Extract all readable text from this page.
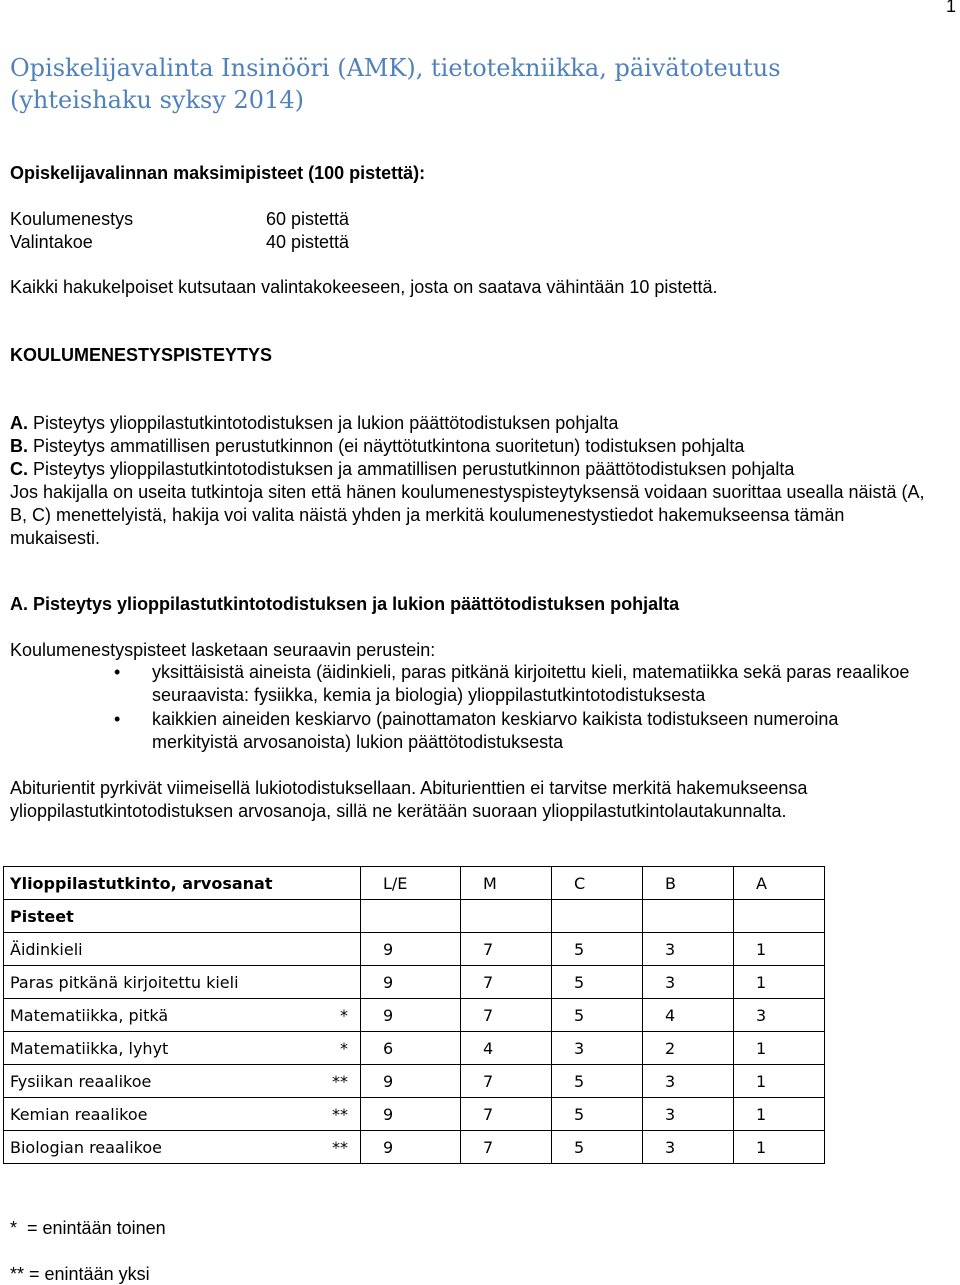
1
Opiskelijavalinta Insinööri (AMK), tietotekniikka, päivätoteutus (yhteishaku syksy 2014)
Opiskelijavalinnan maksimipisteet (100 pistettä):
Koulumenestys	60 pistettä
Valintakoe	40 pistettä
Kaikki hakukelpoiset kutsutaan valintakokeeseen, josta on saatava vähintään 10 pistettä.
KOULUMENESTYSPISTEYTYS
A. Pisteytys ylioppilastutkintotodistuksen ja lukion päättötodistuksen pohjalta
B. Pisteytys ammatillisen perustutkinnon (ei näyttötutkintona suoritetun) todistuksen pohjalta
C. Pisteytys ylioppilastutkintotodistuksen ja ammatillisen perustutkinnon päättötodistuksen pohjalta
Jos hakijalla on useita tutkintoja siten että hänen koulumenestyspisteytyksensä voidaan suorittaa usealla näistä (A, B, C) menettelyistä, hakija voi valita näistä yhden ja merkitä koulumenestystiedot hakemukseensa tämän mukaisesti.
A. Pisteytys ylioppilastutkintotodistuksen ja lukion päättötodistuksen pohjalta
Koulumenestyspisteet lasketaan seuraavin perustein:
• yksittäisistä aineista (äidinkieli, paras pitkänä kirjoitettu kieli, matematiikka sekä paras reaalikoe seuraavista: fysiikka, kemia ja biologia) ylioppilastutkintotodistuksesta
• kaikkien aineiden keskiarvo (painottamaton keskiarvo kaikista todistukseen numeroina merkityistä arvosanoista) lukion päättötodistuksesta
Abiturientit pyrkivät viimeisellä lukiotodistuksellaan. Abiturienttien ei tarvitse merkitä hakemukseensa ylioppilastutkintotodistuksen arvosanoja, sillä ne kerätään suoraan ylioppilastutkintolautakunnalta.
Ylioppilastutkinto, arvosanat	L/E	M	C	B	A
Pisteet					
Äidinkieli	9	7	5	3	1
Paras pitkänä kirjoitettu kieli	9	7	5	3	1
Matematiikka, pitkä *	9	7	5	4	3
Matematiikka, lyhyt *	6	4	3	2	1
Fysiikan reaalikoe **	9	7	5	3	1
Kemian reaalikoe **	9	7	5	3	1
Biologian reaalikoe **	9	7	5	3	1
*  = enintään toinen
** = enintään yksi
